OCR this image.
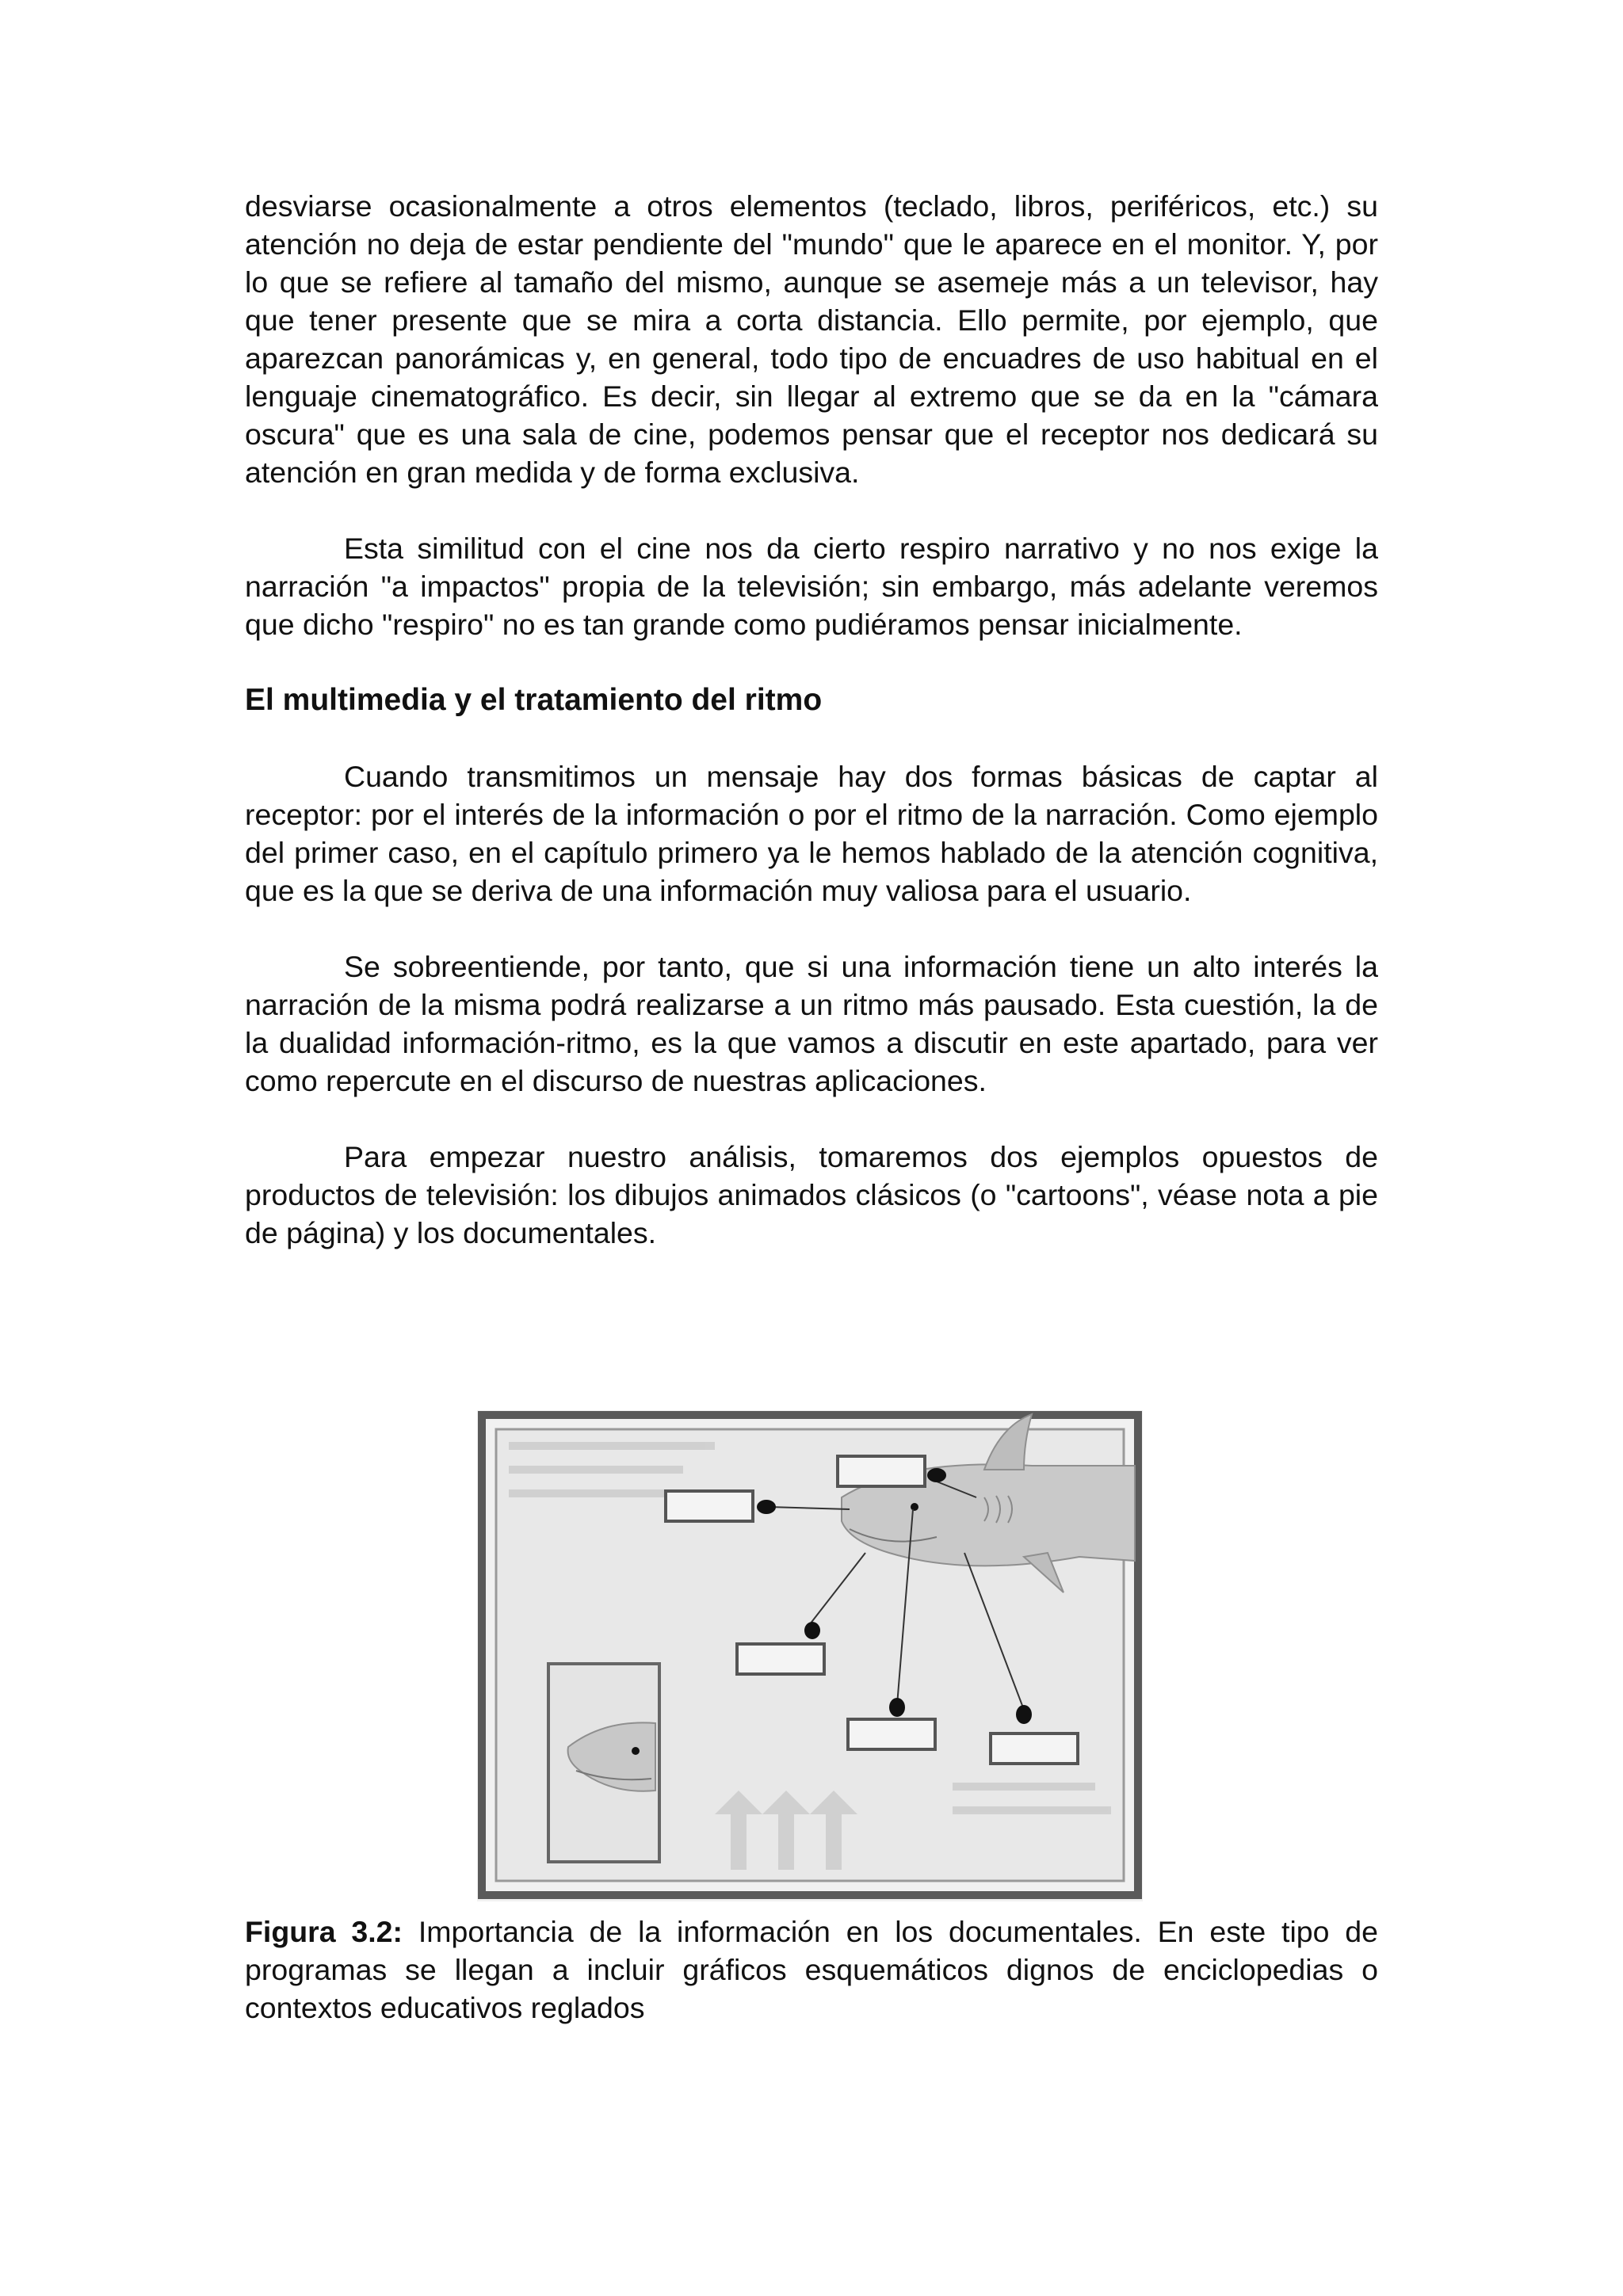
desviarse ocasionalmente a otros elementos (teclado, libros, periféricos, etc.) su atención no deja de estar pendiente del "mundo" que le aparece en el monitor. Y, por lo que se refiere al tamaño del mismo, aunque se asemeje más a un televisor, hay que tener presente que se mira a corta distancia. Ello permite, por ejemplo, que aparezcan panorámicas y, en general, todo tipo de encuadres de uso habitual en el lenguaje cinematográfico. Es decir, sin llegar al extremo que se da en la "cámara oscura" que es una sala de cine, podemos pensar que el receptor nos dedicará su atención en gran medida y de forma exclusiva.

Esta similitud con el cine nos da cierto respiro narrativo y no nos exige la narración "a impactos" propia de la televisión; sin embargo, más adelante veremos que dicho "respiro" no es tan grande como pudiéramos pensar inicialmente.

El multimedia y el tratamiento del ritmo

Cuando transmitimos un mensaje hay dos formas básicas de captar al receptor: por el interés de la información o por el ritmo de la narración. Como ejemplo del primer caso, en el capítulo primero ya le hemos hablado de la atención cognitiva, que es la que se deriva de una información muy valiosa para el usuario.

Se sobreentiende, por tanto, que si una información tiene un alto interés la narración de la misma podrá realizarse a un ritmo más pausado. Esta cuestión, la de la dualidad información-ritmo, es la que vamos a discutir en este apartado, para ver como repercute en el discurso de nuestras aplicaciones.

Para empezar nuestro análisis, tomaremos dos ejemplos opuestos de productos de televisión: los dibujos animados clásicos (o "cartoons", véase nota a pie de página) y los documentales.

Figura 3.2: Importancia de la información en los documentales. En este tipo de programas se llegan a incluir gráficos esquemáticos dignos de enciclopedias o contextos educativos reglados
